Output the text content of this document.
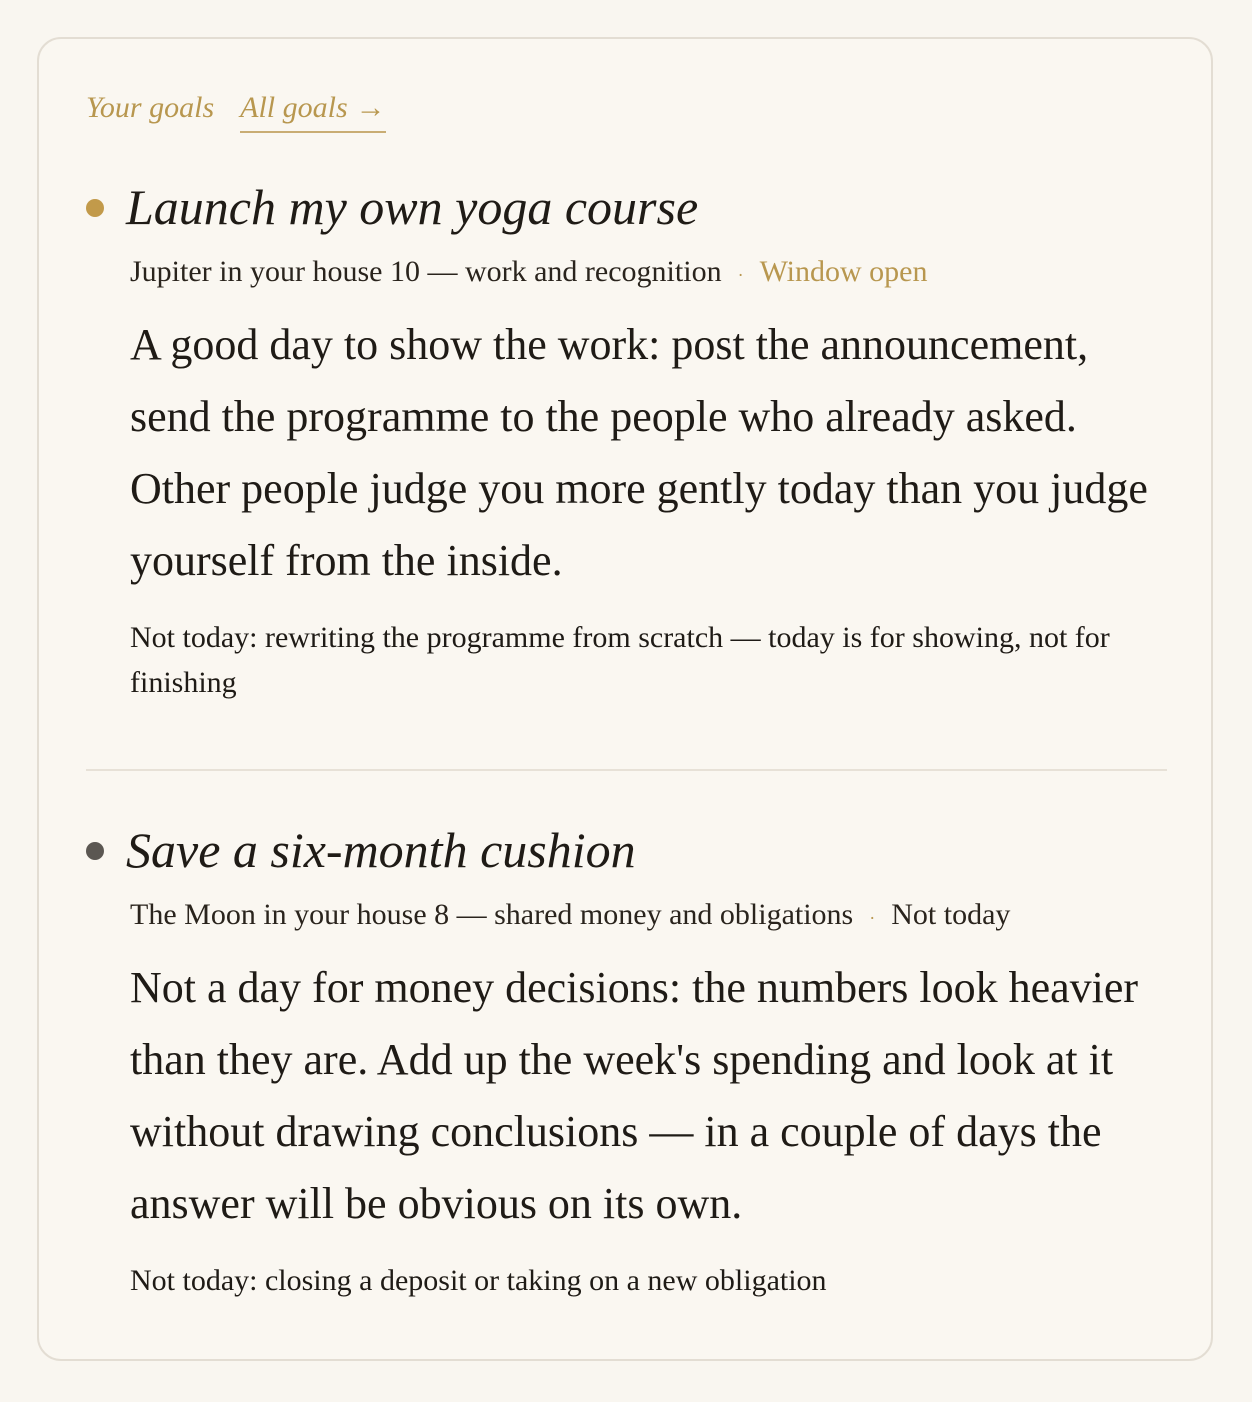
Your goals All goals →
Launch my own yoga course
Jupiter in your house 10 — work and recognition · Window open
A good day to show the work: post the announcement, send the programme to the people who already asked. Other people judge you more gently today than you judge yourself from the inside.
Not today: rewriting the programme from scratch — today is for showing, not for finishing
Save a six-month cushion
The Moon in your house 8 — shared money and obligations · Not today
Not a day for money decisions: the numbers look heavier than they are. Add up the week's spending and look at it without drawing conclusions — in a couple of days the answer will be obvious on its own.
Not today: closing a deposit or taking on a new obligation
